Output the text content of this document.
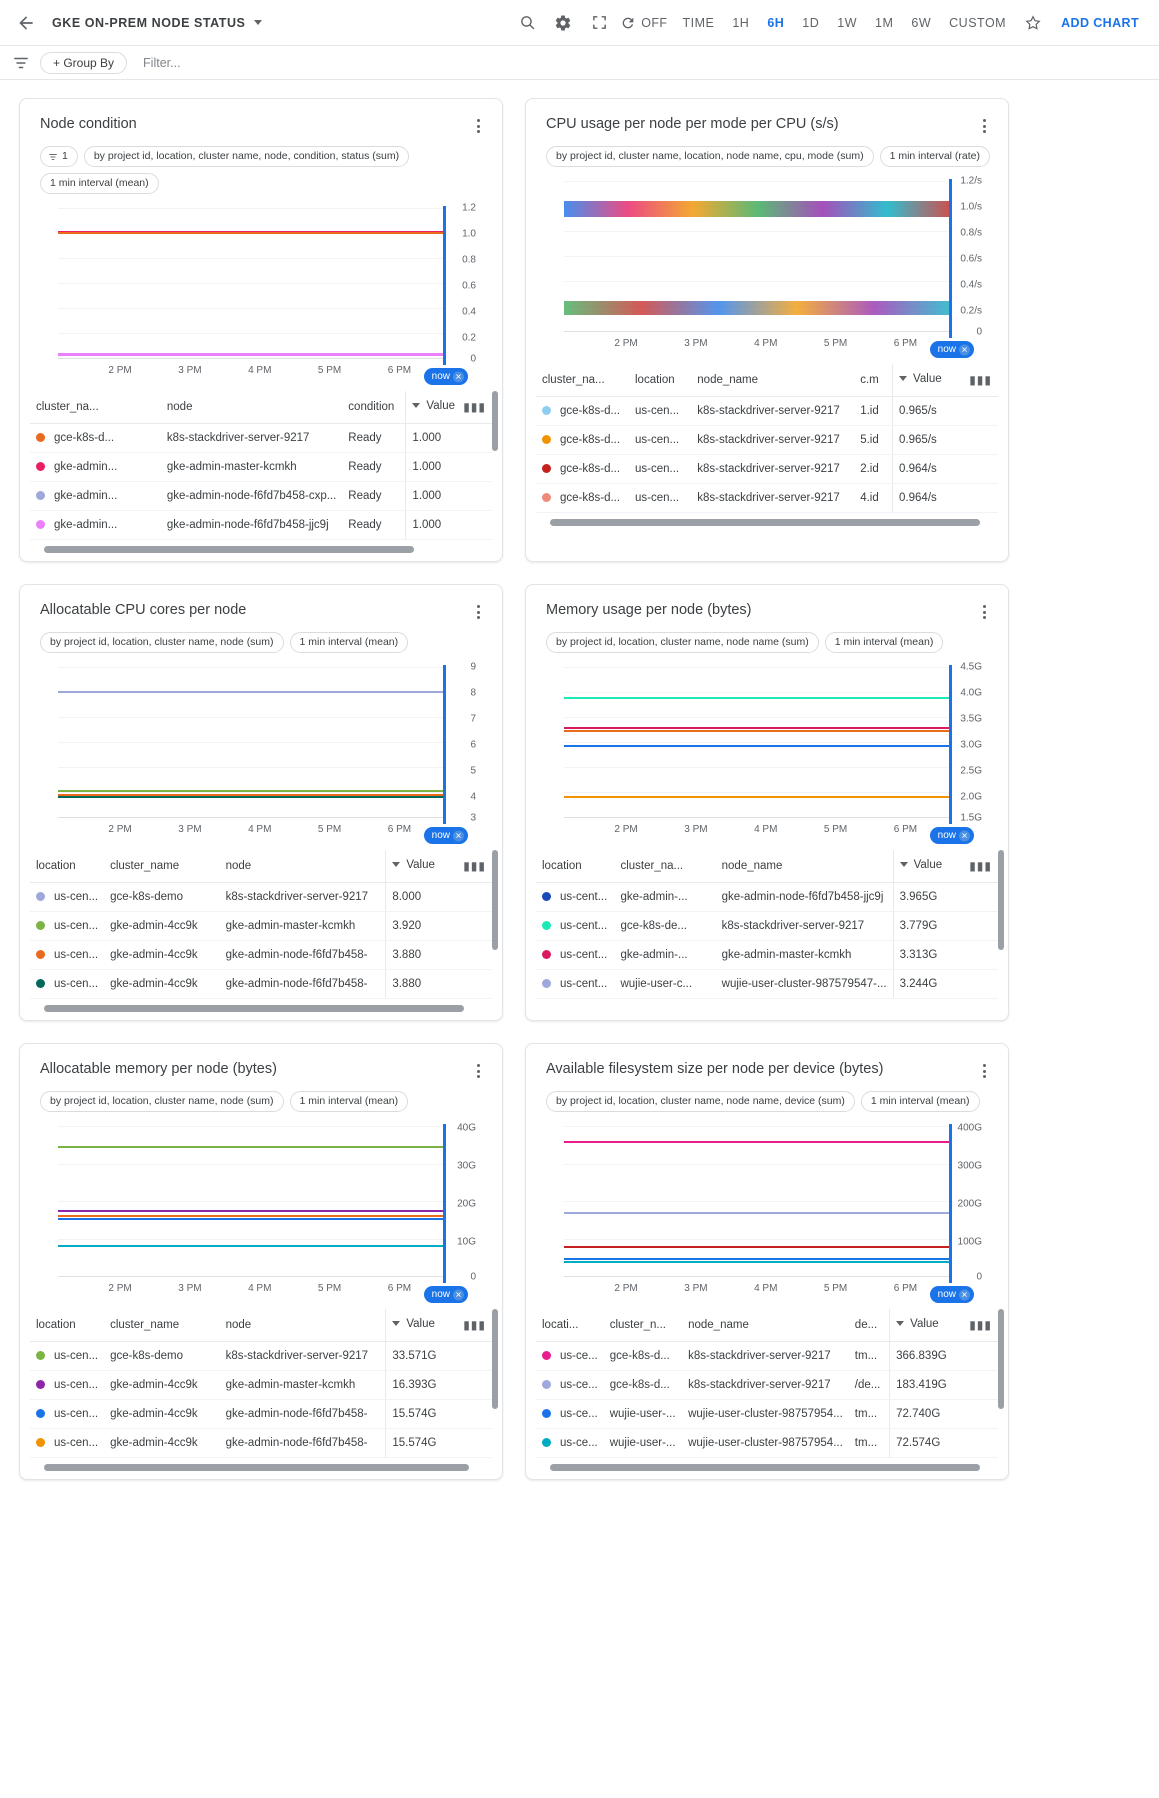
GKE ON-PREM NODE STATUS	OFF	TIME	1H	6H	1D	1W	1M	6W	CUSTOM	ADD CHART
+ Group By	Filter...
Node condition
1	by project id, location, cluster name, node, condition, status (sum)
1 min interval (mean)
1.2
1.0
0.8
0.6
0.4
0.2
0
2 PM	3 PM	4 PM	5 PM	6 PM
now ✕
cluster_na...	node	condition	Value ▮▮▮

gce-k8s-d...	k8s-stackdriver-server-9217	Ready	1.000
gke-admin...	gke-admin-master-kcmkh	Ready	1.000
gke-admin...	gke-admin-node-f6fd7b458-cxp...	Ready	1.000
gke-admin...	gke-admin-node-f6fd7b458-jjc9j	Ready	1.000
CPU usage per node per mode per CPU (s/s)
by project id, cluster name, location, node name, cpu, mode (sum)	1 min interval (rate)
1.2/s
1.0/s
0.8/s
0.6/s
0.4/s
0.2/s
0
2 PM	3 PM	4 PM	5 PM	6 PM
now ✕
cluster_na...	location	node_name	c.m	Value ▮▮▮

gce-k8s-d...	us-cen...	k8s-stackdriver-server-9217	1.id	0.965/s
gce-k8s-d...	us-cen...	k8s-stackdriver-server-9217	5.id	0.965/s
gce-k8s-d...	us-cen...	k8s-stackdriver-server-9217	2.id	0.964/s
gce-k8s-d...	us-cen...	k8s-stackdriver-server-9217	4.id	0.964/s
Allocatable CPU cores per node
by project id, location, cluster name, node (sum)	1 min interval (mean)
9
8
7
6
5
4
3
2 PM	3 PM	4 PM	5 PM	6 PM
now ✕
location	cluster_name	node	Value ▮▮▮

us-cen...	gce-k8s-demo	k8s-stackdriver-server-9217	8.000
us-cen...	gke-admin-4cc9k	gke-admin-master-kcmkh	3.920
us-cen...	gke-admin-4cc9k	gke-admin-node-f6fd7b458-	3.880
us-cen...	gke-admin-4cc9k	gke-admin-node-f6fd7b458-	3.880
Memory usage per node (bytes)
by project id, location, cluster name, node name (sum)	1 min interval (mean)
4.5G
4.0G
3.5G
3.0G
2.5G
2.0G
1.5G
2 PM	3 PM	4 PM	5 PM	6 PM
now ✕
location	cluster_na...	node_name	Value ▮▮▮

us-cent...	gke-admin-...	gke-admin-node-f6fd7b458-jjc9j	3.965G
us-cent...	gce-k8s-de...	k8s-stackdriver-server-9217	3.779G
us-cent...	gke-admin-...	gke-admin-master-kcmkh	3.313G
us-cent...	wujie-user-c...	wujie-user-cluster-987579547-...	3.244G
Allocatable memory per node (bytes)
by project id, location, cluster name, node (sum)	1 min interval (mean)
40G
30G
20G
10G
0
2 PM	3 PM	4 PM	5 PM	6 PM
now ✕
location	cluster_name	node	Value ▮▮▮

us-cen...	gce-k8s-demo	k8s-stackdriver-server-9217	33.571G
us-cen...	gke-admin-4cc9k	gke-admin-master-kcmkh	16.393G
us-cen...	gke-admin-4cc9k	gke-admin-node-f6fd7b458-	15.574G
us-cen...	gke-admin-4cc9k	gke-admin-node-f6fd7b458-	15.574G
Available filesystem size per node per device (bytes)
by project id, location, cluster name, node name, device (sum)	1 min interval (mean)
400G
300G
200G
100G
0
2 PM	3 PM	4 PM	5 PM	6 PM
now ✕
locati...	cluster_n...	node_name	de...	Value ▮▮▮

us-ce...	gce-k8s-d...	k8s-stackdriver-server-9217	tm...	366.839G
us-ce...	gce-k8s-d...	k8s-stackdriver-server-9217	/de...	183.419G
us-ce...	wujie-user-...	wujie-user-cluster-98757954...	tm...	72.740G
us-ce...	wujie-user-...	wujie-user-cluster-98757954...	tm...	72.574G
